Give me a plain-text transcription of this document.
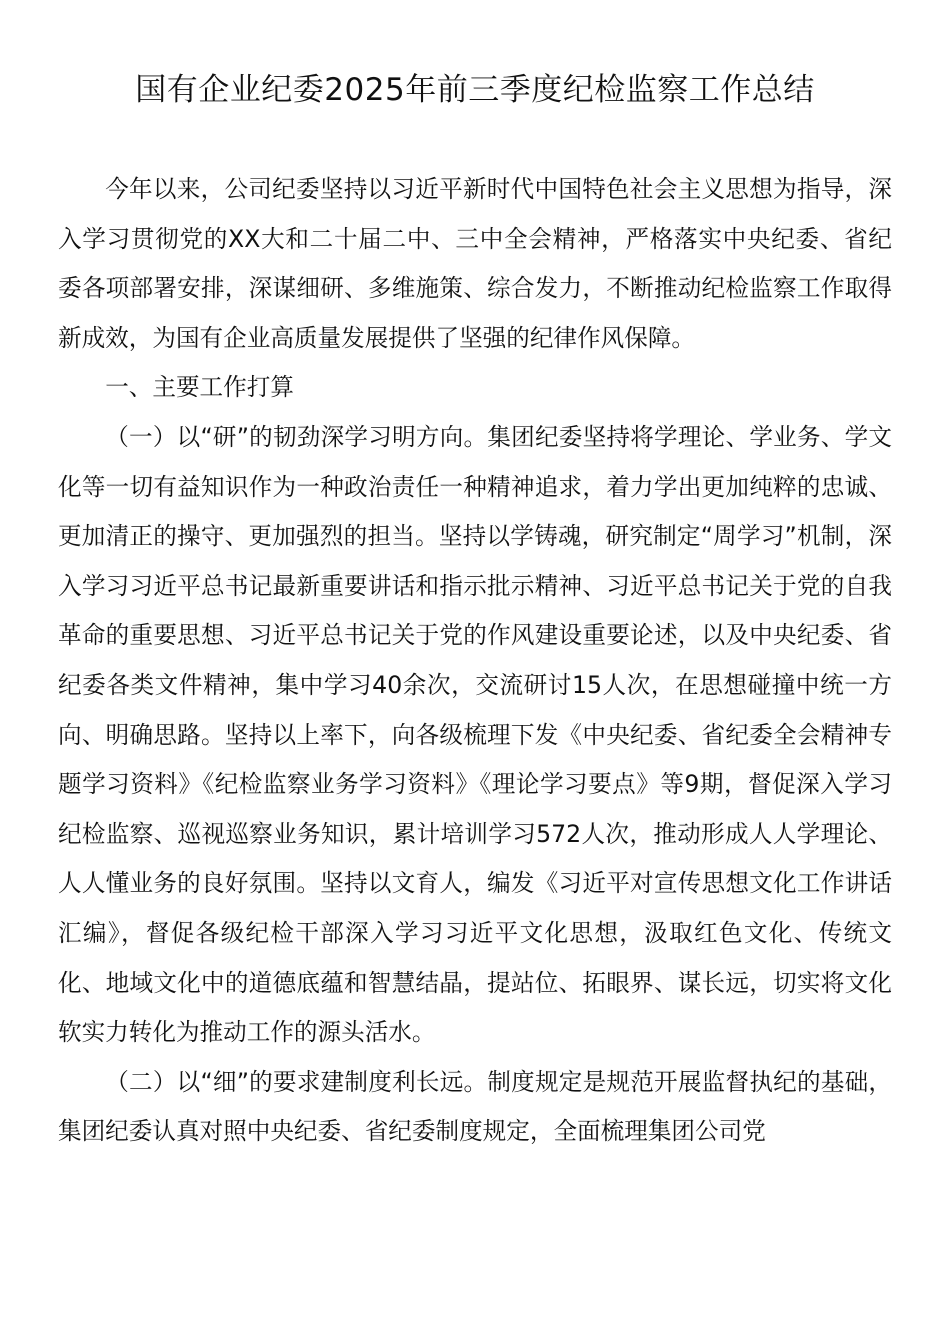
国有企业纪委2025年前三季度纪检监察工作总结

今年以来，公司纪委坚持以习近平新时代中国特色社会主义思想为指导，深入学习贯彻党的XX大和二十届二中、三中全会精神，严格落实中央纪委、省纪委各项部署安排，深谋细研、多维施策、综合发力，不断推动纪检监察工作取得新成效，为国有企业高质量发展提供了坚强的纪律作风保障。

一、主要工作打算

（一）以“研”的韧劲深学习明方向。集团纪委坚持将学理论、学业务、学文化等一切有益知识作为一种政治责任一种精神追求，着力学出更加纯粹的忠诚、更加清正的操守、更加强烈的担当。坚持以学铸魂，研究制定“周学习”机制，深入学习习近平总书记最新重要讲话和指示批示精神、习近平总书记关于党的自我革命的重要思想、习近平总书记关于党的作风建设重要论述，以及中央纪委、省纪委各类文件精神，集中学习40余次，交流研讨15人次，在思想碰撞中统一方向、明确思路。坚持以上率下，向各级梳理下发《中央纪委、省纪委全会精神专题学习资料》《纪检监察业务学习资料》《理论学习要点》等9期，督促深入学习纪检监察、巡视巡察业务知识，累计培训学习572人次，推动形成人人学理论、人人懂业务的良好氛围。坚持以文育人，编发《习近平对宣传思想文化工作讲话汇编》，督促各级纪检干部深入学习习近平文化思想，汲取红色文化、传统文化、地域文化中的道德底蕴和智慧结晶，提站位、拓眼界、谋长远，切实将文化软实力转化为推动工作的源头活水。

（二）以“细”的要求建制度利长远。制度规定是规范开展监督执纪的基础，集团纪委认真对照中央纪委、省纪委制度规定，全面梳理集团公司党
